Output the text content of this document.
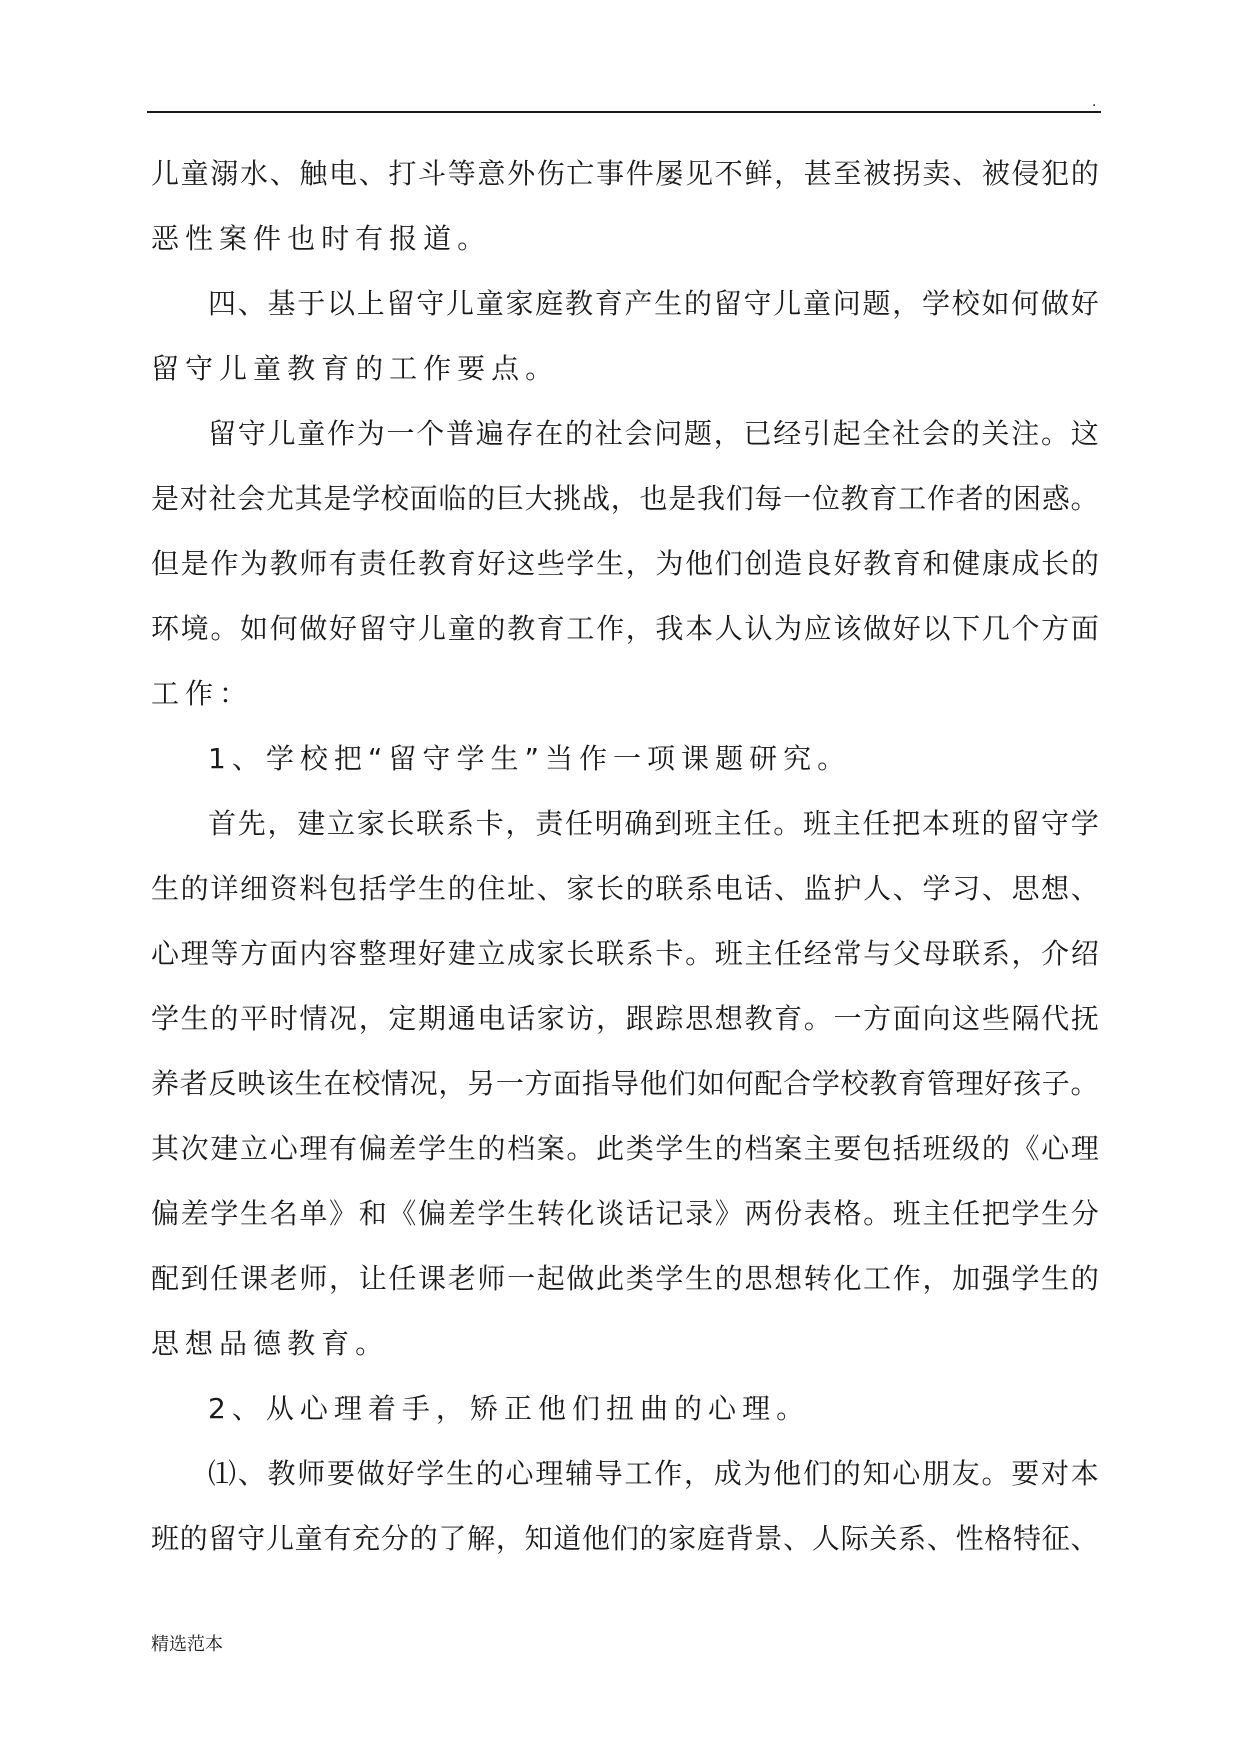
.
儿 童 溺 水 、 触 电 、 打 斗 等 意 外 伤 亡 事 件 屡 见 不 鲜 ， 甚 至 被 拐 卖 、 被 侵 犯 的
恶 性 案 件 也 时 有 报 道 。
四 、 基 于 以 上 留 守 儿 童 家 庭 教 育 产 生 的 留 守 儿 童 问 题 ， 学 校 如 何 做 好
留 守 儿 童 教 育 的 工 作 要 点 。
留 守 儿 童 作 为 一 个 普 遍 存 在 的 社 会 问 题 ， 已 经 引 起 全 社 会 的 关 注 。 这
是 对 社 会 尤 其 是 学 校 面 临 的 巨 大 挑 战 ， 也 是 我 们 每 一 位 教 育 工 作 者 的 困 惑 。
但 是 作 为 教 师 有 责 任 教 育 好 这 些 学 生 ， 为 他 们 创 造 良 好 教 育 和 健 康 成 长 的
环 境 。 如 何 做 好 留 守 儿 童 的 教 育 工 作 ， 我 本 人 认 为 应 该 做 好 以 下 几 个 方 面
工 作 ：
1 、 学 校 把 “ 留 守 学 生 ” 当 作 一 项 课 题 研 究 。
首 先 ， 建 立 家 长 联 系 卡 ， 责 任 明 确 到 班 主 任 。 班 主 任 把 本 班 的 留 守 学
生 的 详 细 资 料 包 括 学 生 的 住 址 、 家 长 的 联 系 电 话 、 监 护 人 、 学 习 、 思 想 、
心 理 等 方 面 内 容 整 理 好 建 立 成 家 长 联 系 卡 。 班 主 任 经 常 与 父 母 联 系 ， 介 绍
学 生 的 平 时 情 况 ， 定 期 通 电 话 家 访 ， 跟 踪 思 想 教 育 。 一 方 面 向 这 些 隔 代 抚
养 者 反 映 该 生 在 校 情 况 ， 另 一 方 面 指 导 他 们 如 何 配 合 学 校 教 育 管 理 好 孩 子 。
其 次 建 立 心 理 有 偏 差 学 生 的 档 案 。 此 类 学 生 的 档 案 主 要 包 括 班 级 的 《 心 理
偏 差 学 生 名 单 》 和 《 偏 差 学 生 转 化 谈 话 记 录 》 两 份 表 格 。 班 主 任 把 学 生 分
配 到 任 课 老 师 ， 让 任 课 老 师 一 起 做 此 类 学 生 的 思 想 转 化 工 作 ， 加 强 学 生 的
思 想 品 德 教 育 。
2 、 从 心 理 着 手 ， 矫 正 他 们 扭 曲 的 心 理 。
⑴ 、 教 师 要 做 好 学 生 的 心 理 辅 导 工 作 ， 成 为 他 们 的 知 心 朋 友 。 要 对 本
班 的 留 守 儿 童 有 充 分 的 了 解 ， 知 道 他 们 的 家 庭 背 景 、 人 际 关 系 、 性 格 特 征 、
精选范本
